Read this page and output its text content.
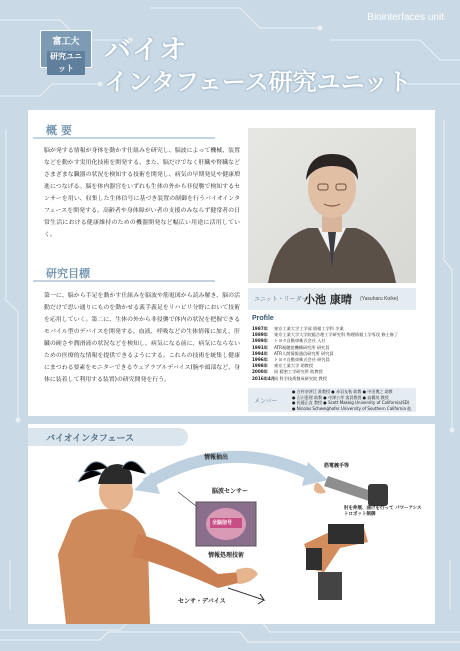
富工大
研究ユニット
Biointerfaces unit
バイオ
インタフェース研究ユニット
概 要
脳が発する情報が身体を動かす仕組みを研究し、脳波によって機械、装置などを動かす実用化技術を開発する。また、脳だけでなく肝臓や腎臓などさまざまな臓器の状況を検知する技術を開発し、病気の早期発見や健康増進につなげる。脳を体内器官をいずれも生体の外から非侵襲で検知するセンサーを用い、収集した生体信号に基づき装置の制御を行うバイオインタフェースを開発する。高齢者や身体障がい者の支援のみならず健常者の日常生活における健康維持のための機器開発など幅広い用途に活用していく。
研究目標
第一に、脳から手足を動かす仕組みを脳波や筋電図から読み解き、脳の活動だけで思い通りにものを動かせる義手義足をリハビリ分野において技術を応用していく。第二に、生体の外から非侵襲で体内の状況を把握できるモバイル型のデバイスを開発する。血液、呼吸などの生体情報に加え、肝臓の硬さや潤滑液の状況などを検知し、病気になる前に、病気にならないための医療的な情報を提供できるようにする。これらの技術を統集し健康にまつわる要素をモニターできるウェアラブルデバイス(腕や頭部など、身体に装着して利用する装置)の研究開発を行う。
ユニット・リーダー
小池 康晴 (Yasuharu Koike)
Profile
1987年	東京工業大学工学部 情報工学科 卒業
1989年	東京工業大学大学院総合理工学研究科 物理情報工学専攻 修士修了
1989年	トヨタ自動車株式会社 入社
1991年	ATR視聴覚機構研究所 研究員
1994年	ATR人間情報通信研究所 研究員
1996年	トヨタ自動車株式会社 研究員
1998年	東京工業大学 助教授
2000年	同 精密工学研究所 助教授
2016年4月 同 科学技術創成研究院 教授
メンバー
● 吉村奈津江 准教授 ● 赤羽友秋 助教 ● 中田博之 助教
● 石川恵理 助教 ● 中澤公孝 客員教授 ● 高橋茂 教授
● 佐藤正直 教授 ● Scott Makeig University of California(SD)
● Nicolas Schweighofer University of Southern California 他
バイオインタフェース
情報抽出
脳波センサー
全脳信号
情報処理技術
センサ・デバイス
筋電義手等
肘を伸展、曲げを行って パワーアシストロボット制御
